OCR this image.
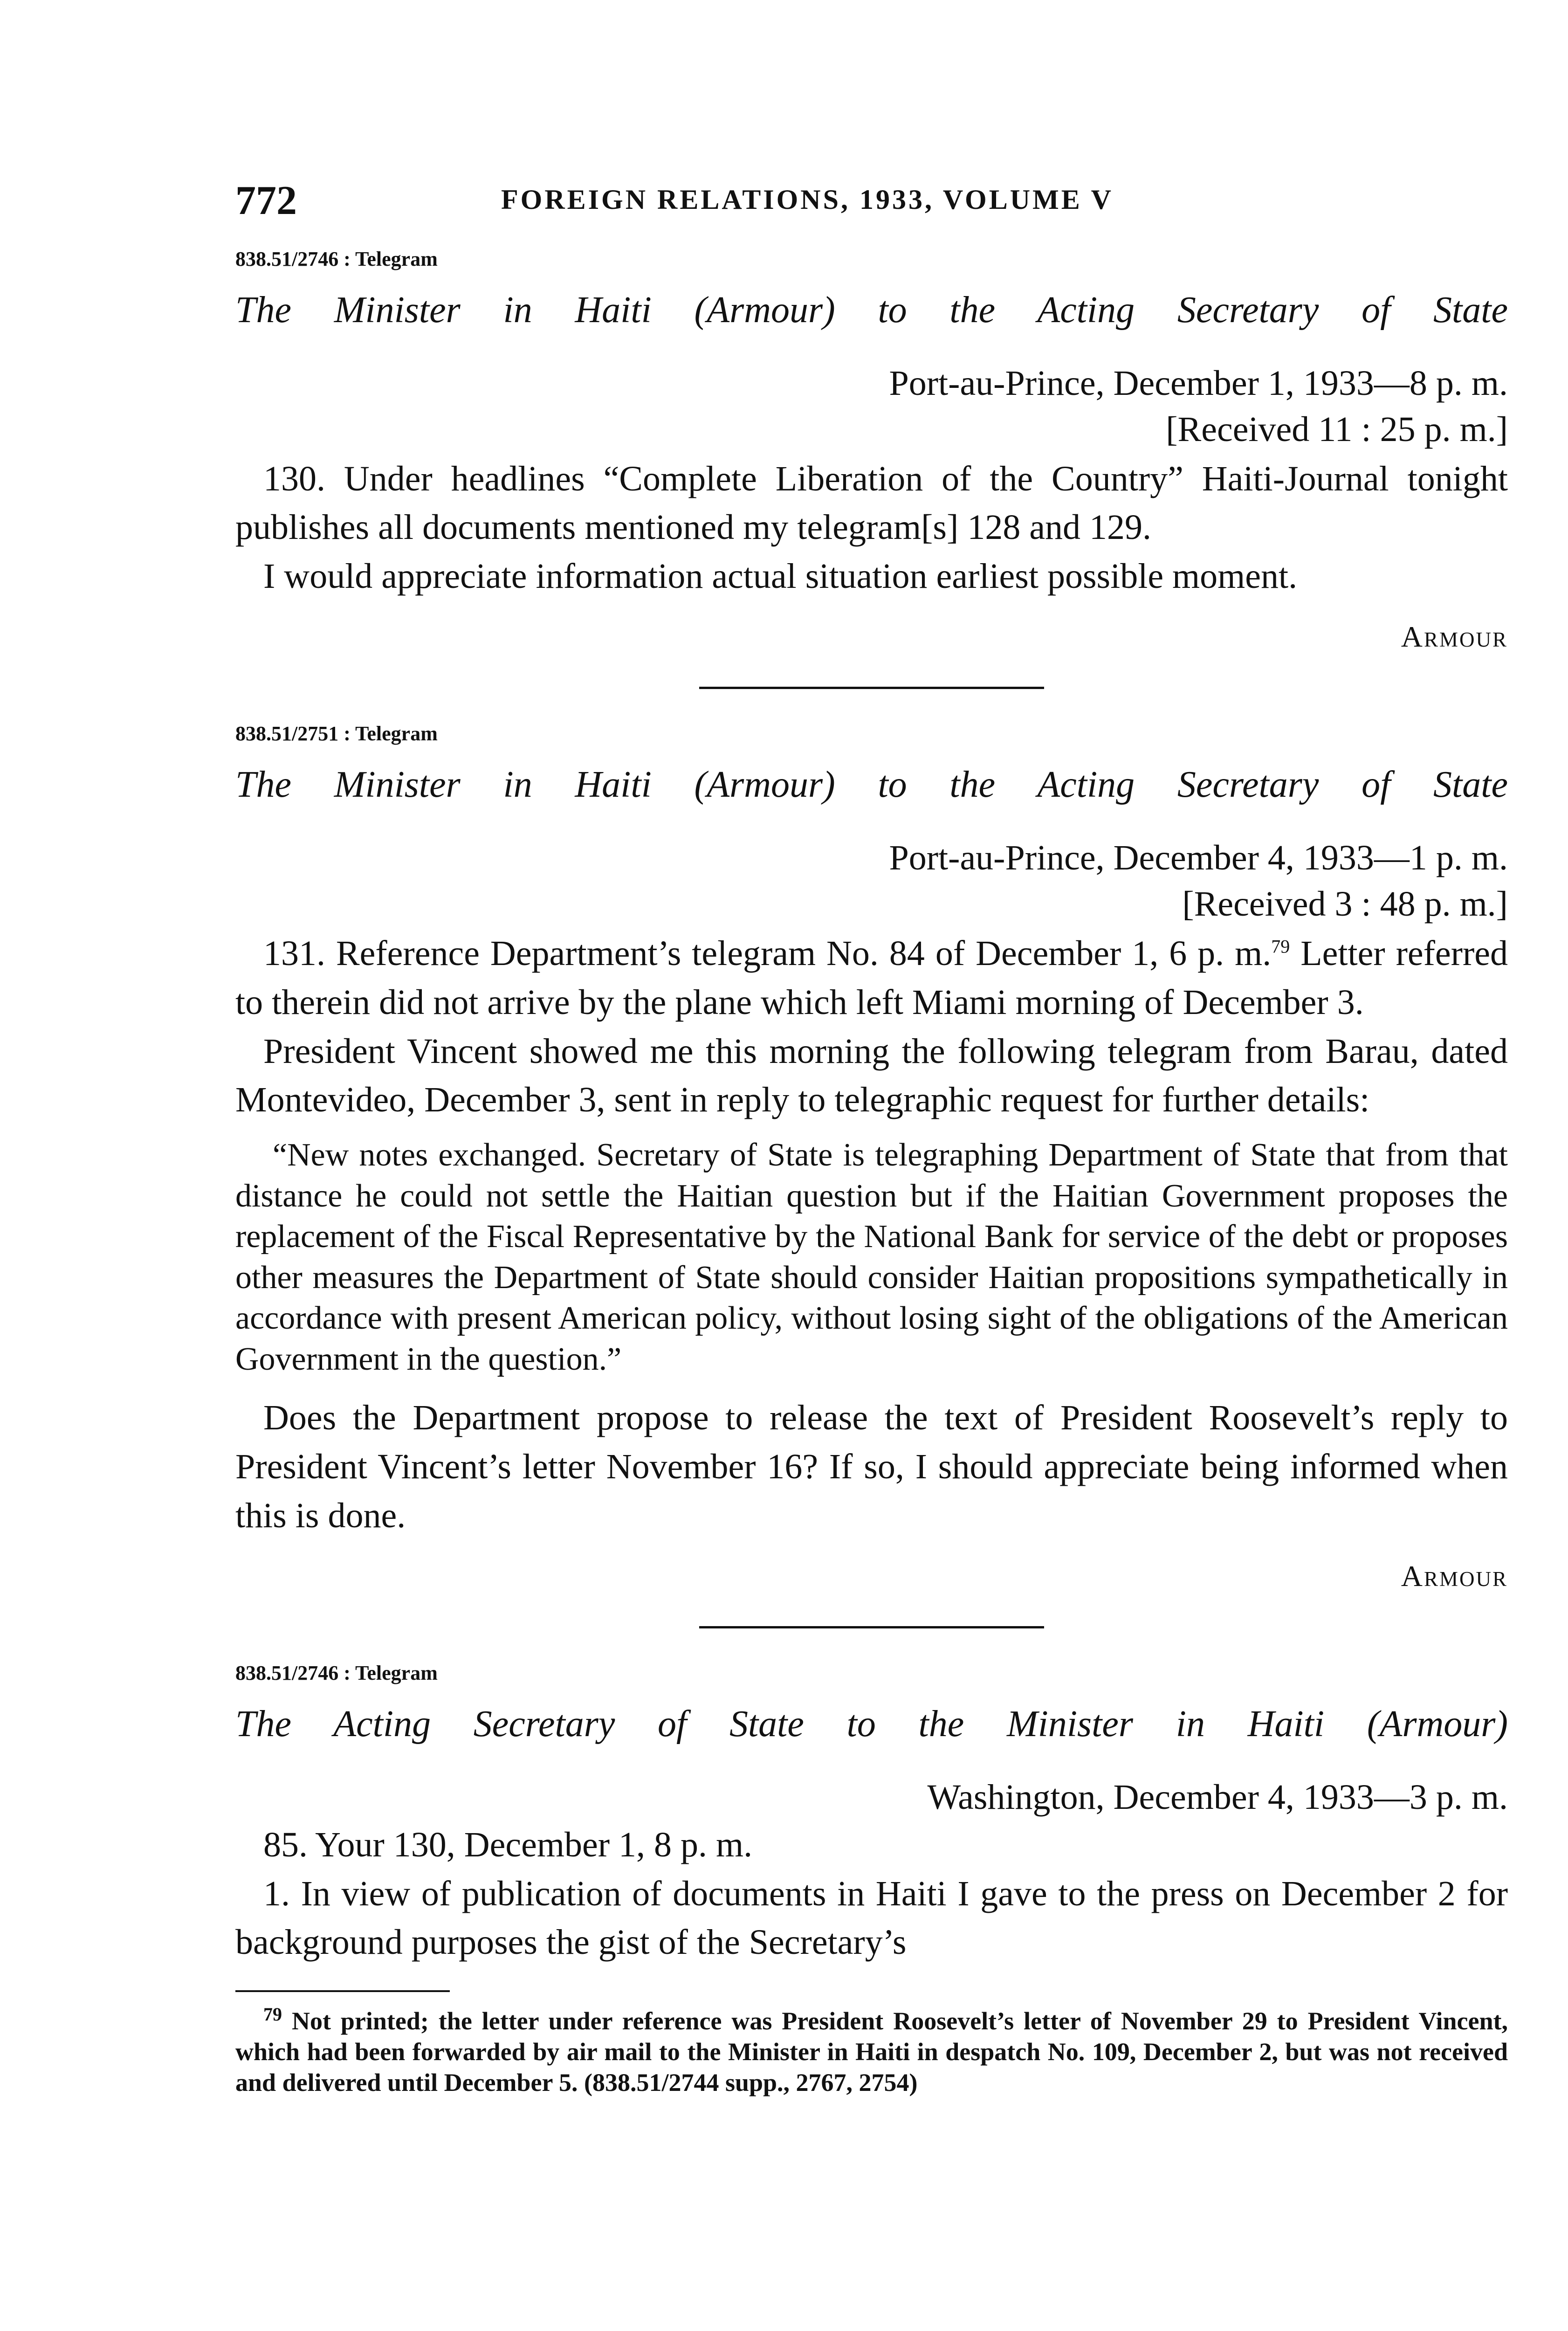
772	FOREIGN RELATIONS, 1933, VOLUME V
838.51/2746 : Telegram
The Minister in Haiti (Armour) to the Acting Secretary of State
Port-au-Prince, December 1, 1933—8 p. m.
[Received 11 : 25 p. m.]

130. Under headlines “Complete Liberation of the Country” Haiti-Journal tonight publishes all documents mentioned my telegram[s] 128 and 129.

I would appreciate information actual situation earliest possible moment.

Armour
838.51/2751 : Telegram
The Minister in Haiti (Armour) to the Acting Secretary of State
Port-au-Prince, December 4, 1933—1 p. m.
[Received 3 : 48 p. m.]

131. Reference Department’s telegram No. 84 of December 1, 6 p. m.$^{79}$ Letter referred to therein did not arrive by the plane which left Miami morning of December 3.

President Vincent showed me this morning the following telegram from Barau, dated Montevideo, December 3, sent in reply to telegraphic request for further details:

“New notes exchanged. Secretary of State is telegraphing Department of State that from that distance he could not settle the Haitian question but if the Haitian Government proposes the replacement of the Fiscal Representative by the National Bank for service of the debt or proposes other measures the Department of State should consider Haitian propositions sympathetically in accordance with present American policy, without losing sight of the obligations of the American Government in the question.”

Does the Department propose to release the text of President Roosevelt’s reply to President Vincent’s letter November 16? If so, I should appreciate being informed when this is done.

Armour
838.51/2746 : Telegram
The Acting Secretary of State to the Minister in Haiti (Armour)
Washington, December 4, 1933—3 p. m.

85. Your 130, December 1, 8 p. m.

1. In view of publication of documents in Haiti I gave to the press on December 2 for background purposes the gist of the Secretary’s

$^{79}$ Not printed; the letter under reference was President Roosevelt’s letter of November 29 to President Vincent, which had been forwarded by air mail to the Minister in Haiti in despatch No. 109, December 2, but was not received and delivered until December 5. (838.51/2744 supp., 2767, 2754)
